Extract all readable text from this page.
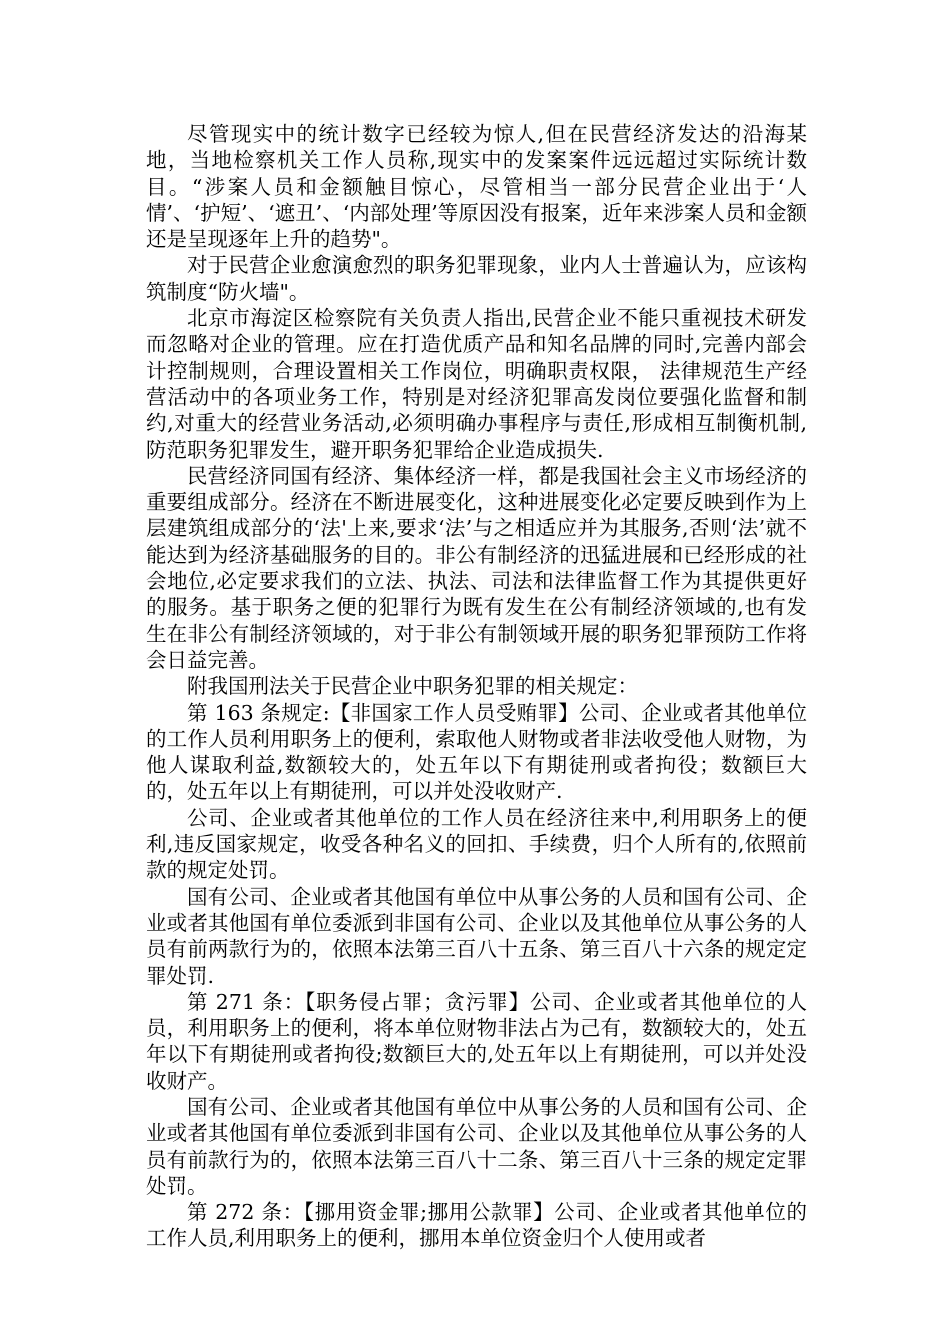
尽管现实中的统计数字已经较为惊人,但在民营经济发达的沿海某地，当地检察机关工作人员称,现实中的发案案件远远超过实际统计数目。“涉案人员和金额触目惊心，尽管相当一部分民营企业出于‘人情’、‘护短’、‘遮丑’、‘内部处理’等原因没有报案，近年来涉案人员和金额还是呈现逐年上升的趋势"。

对于民营企业愈演愈烈的职务犯罪现象，业内人士普遍认为，应该构筑制度“防火墙"。

北京市海淀区检察院有关负责人指出,民营企业不能只重视技术研发而忽略对企业的管理。应在打造优质产品和知名品牌的同时,完善内部会计控制规则，合理设置相关工作岗位，明确职责权限， 法律规范生产经营活动中的各项业务工作，特别是对经济犯罪高发岗位要强化监督和制约,对重大的经营业务活动,必须明确办事程序与责任,形成相互制衡机制, 防范职务犯罪发生，避开职务犯罪给企业造成损失.

民营经济同国有经济、集体经济一样，都是我国社会主义市场经济的重要组成部分。经济在不断进展变化，这种进展变化必定要反映到作为上层建筑组成部分的‘法'上来,要求‘法’与之相适应并为其服务,否则‘法’就不能达到为经济基础服务的目的。非公有制经济的迅猛进展和已经形成的社会地位,必定要求我们的立法、执法、司法和法律监督工作为其提供更好的服务。基于职务之便的犯罪行为既有发生在公有制经济领域的,也有发生在非公有制经济领域的，对于非公有制领域开展的职务犯罪预防工作将会日益完善。

附我国刑法关于民营企业中职务犯罪的相关规定：

第 163 条规定:【非国家工作人员受贿罪】公司、企业或者其他单位的工作人员利用职务上的便利，索取他人财物或者非法收受他人财物，为他人谋取利益,数额较大的，处五年以下有期徒刑或者拘役；数额巨大的，处五年以上有期徒刑，可以并处没收财产.

公司、企业或者其他单位的工作人员在经济往来中,利用职务上的便利,违反国家规定，收受各种名义的回扣、手续费，归个人所有的,依照前款的规定处罚。

国有公司、企业或者其他国有单位中从事公务的人员和国有公司、企业或者其他国有单位委派到非国有公司、企业以及其他单位从事公务的人员有前两款行为的，依照本法第三百八十五条、第三百八十六条的规定定罪处罚.

第 271 条：【职务侵占罪；贪污罪】公司、企业或者其他单位的人员，利用职务上的便利，将本单位财物非法占为己有，数额较大的，处五年以下有期徒刑或者拘役;数额巨大的,处五年以上有期徒刑，可以并处没收财产。

国有公司、企业或者其他国有单位中从事公务的人员和国有公司、企业或者其他国有单位委派到非国有公司、企业以及其他单位从事公务的人员有前款行为的，依照本法第三百八十二条、第三百八十三条的规定定罪处罚。

第 272 条：【挪用资金罪;挪用公款罪】公司、企业或者其他单位的工作人员,利用职务上的便利，挪用本单位资金归个人使用或者
